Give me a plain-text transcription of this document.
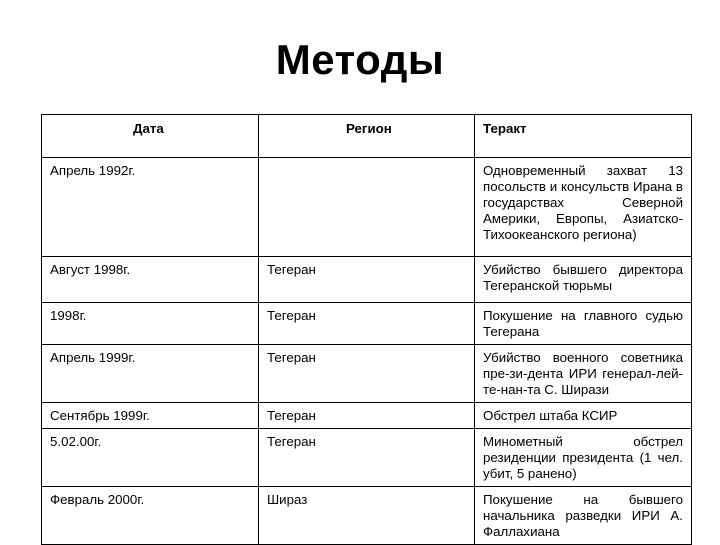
Методы
Дата	Регион	Теракт

Апрель 1992г.		Одновременный захват 13 посольств и консульств Ирана в государствах Северной Америки, Европы, Азиатско-Тихоокеанского региона)

Август 1998г.	Тегеран	Убийство бывшего директора Тегеранской тюрьмы

1998г.	Тегеран	Покушение на главного судью Тегерана

Апрель 1999г.	Тегеран	Убийство военного советника пре-зи-дента ИРИ генерал-лей-те-нан-та С. Ширази

Сентябрь 1999г.	Тегеран	Обстрел штаба КСИР

5.02.00г.	Тегеран	Минометный обстрел резиденции президента (1 чел. убит, 5 ранено)

Февраль 2000г.	Шираз	Покушение на бывшего начальника разведки ИРИ А. Фаллахиана
